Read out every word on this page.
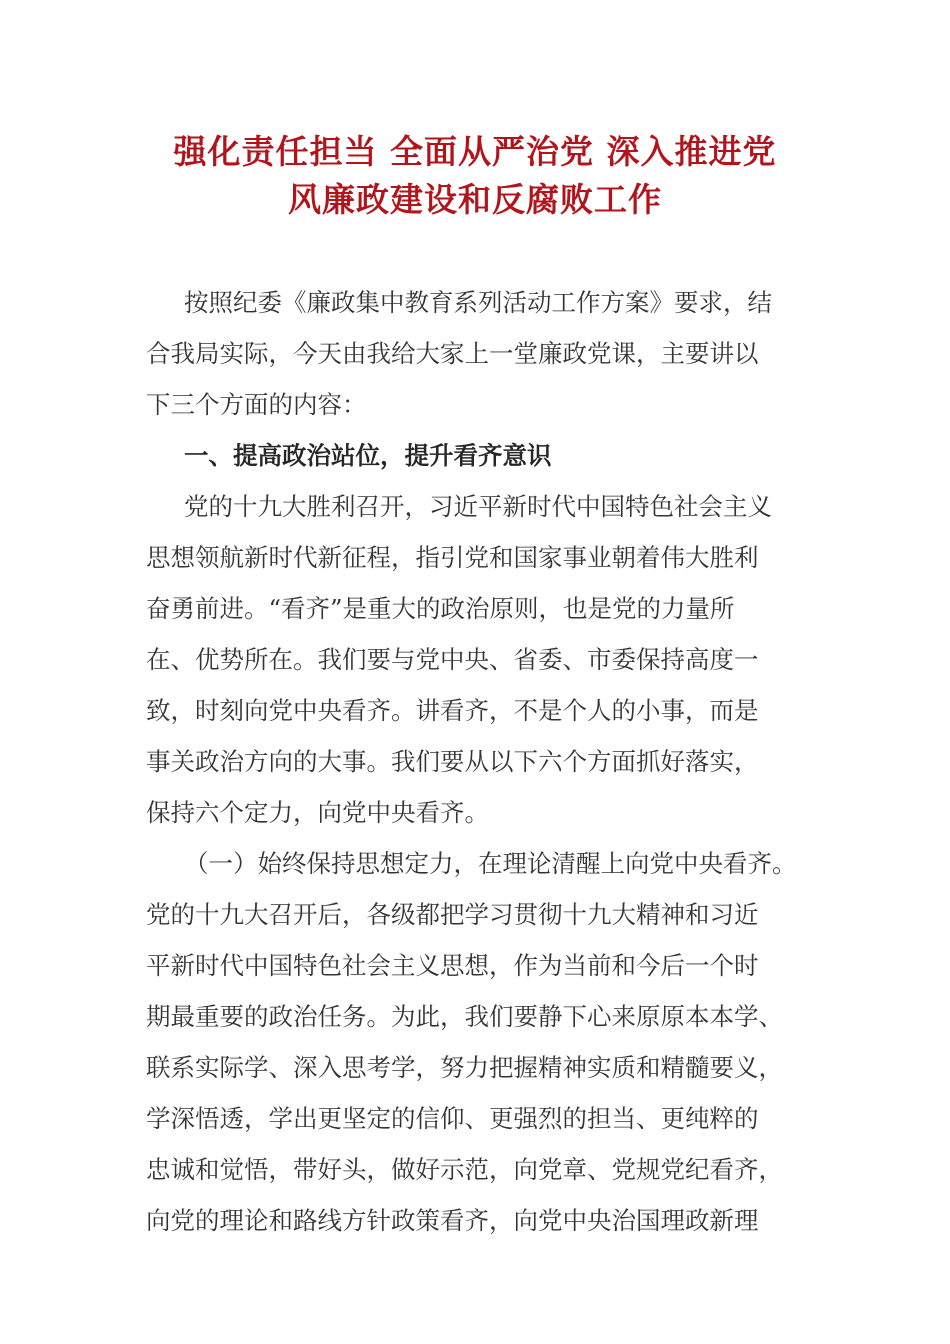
强化责任担当 全面从严治党 深入推进党
风廉政建设和反腐败工作
按照纪委《廉政集中教育系列活动工作方案》要求，结
合我局实际，今天由我给大家上一堂廉政党课，主要讲以
下三个方面的内容：
一、提高政治站位，提升看齐意识
党的十九大胜利召开，习近平新时代中国特色社会主义
思想领航新时代新征程，指引党和国家事业朝着伟大胜利
奋勇前进。“看齐”是重大的政治原则，也是党的力量所
在、优势所在。我们要与党中央、省委、市委保持高度一
致，时刻向党中央看齐。讲看齐，不是个人的小事，而是
事关政治方向的大事。我们要从以下六个方面抓好落实，
保持六个定力，向党中央看齐。
（一）始终保持思想定力，在理论清醒上向党中央看齐。
党的十九大召开后，各级都把学习贯彻十九大精神和习近
平新时代中国特色社会主义思想，作为当前和今后一个时
期最重要的政治任务。为此，我们要静下心来原原本本学、
联系实际学、深入思考学，努力把握精神实质和精髓要义，
学深悟透，学出更坚定的信仰、更强烈的担当、更纯粹的
忠诚和觉悟，带好头，做好示范，向党章、党规党纪看齐，
向党的理论和路线方针政策看齐，向党中央治国理政新理
